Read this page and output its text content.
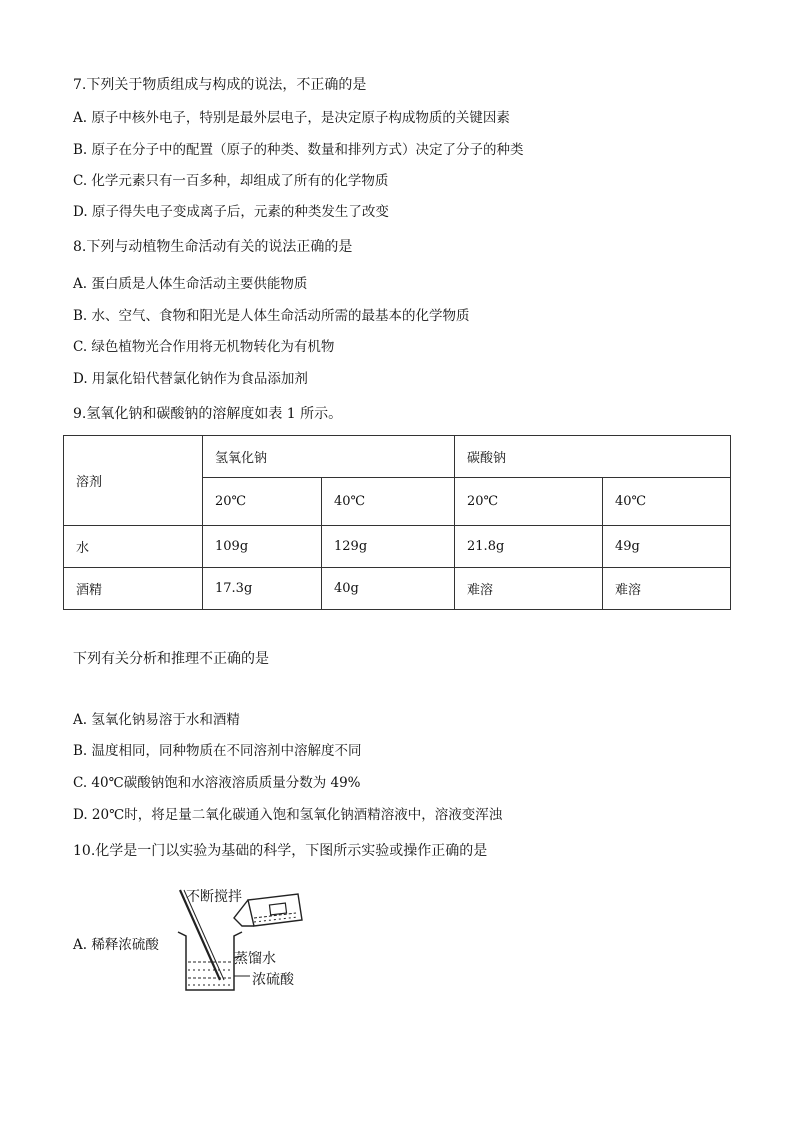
7.下列关于物质组成与构成的说法，不正确的是
A. 原子中核外电子，特别是最外层电子，是决定原子构成物质的关键因素
B. 原子在分子中的配置（原子的种类、数量和排列方式）决定了分子的种类
C. 化学元素只有一百多种，却组成了所有的化学物质
D. 原子得失电子变成离子后，元素的种类发生了改变
8.下列与动植物生命活动有关的说法正确的是
A. 蛋白质是人体生命活动主要供能物质
B. 水、空气、食物和阳光是人体生命活动所需的最基本的化学物质
C. 绿色植物光合作用将无机物转化为有机物
D. 用氯化铅代替氯化钠作为食品添加剂
9.氢氧化钠和碳酸钠的溶解度如表 1 所示。
溶剂	氢氧化钠		碳酸钠	
	20℃	40℃	20℃	40℃
水	109g	129g	21.8g	49g
酒精	17.3g	40g	难溶	难溶
下列有关分析和推理不正确的是
A. 氢氧化钠易溶于水和酒精
B. 温度相同，同种物质在不同溶剂中溶解度不同
C. 40℃碳酸钠饱和水溶液溶质质量分数为 49%
D. 20℃时，将足量二氧化碳通入饱和氢氧化钠酒精溶液中，溶液变浑浊
10.化学是一门以实验为基础的科学，下图所示实验或操作正确的是
A. 稀释浓硫酸
不断搅拌
蒸馏水
浓硫酸
